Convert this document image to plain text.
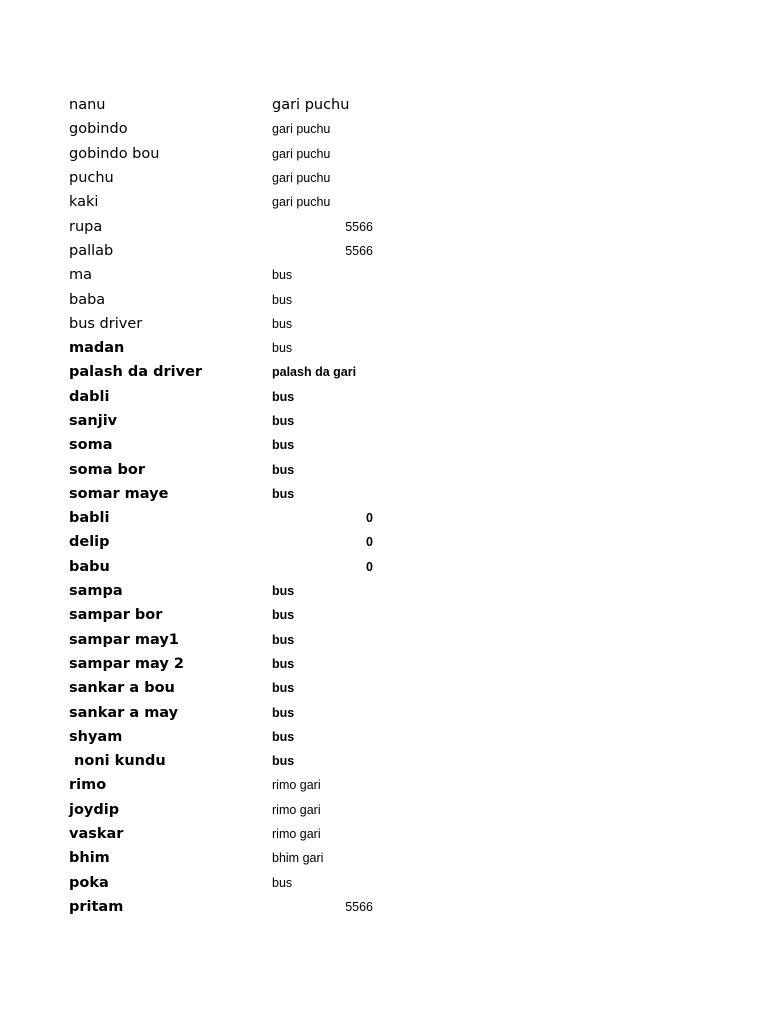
nanu	gari puchu
gobindo	gari puchu
gobindo bou	gari puchu
puchu	gari puchu
kaki	gari puchu
rupa	5566
pallab	5566
ma	bus
baba	bus
bus driver	bus
madan	bus
palash da driver	palash da gari
dabli	bus
sanjiv	bus
soma	bus
soma bor	bus
somar maye	bus
babli	0
delip	0
babu	0
sampa	bus
sampar bor	bus
sampar may1	bus
sampar may 2	bus
sankar a bou	bus
sankar a may	bus
shyam	bus
noni kundu	bus
rimo	rimo gari
joydip	rimo gari
vaskar	rimo gari
bhim	bhim gari
poka	bus
pritam	5566
